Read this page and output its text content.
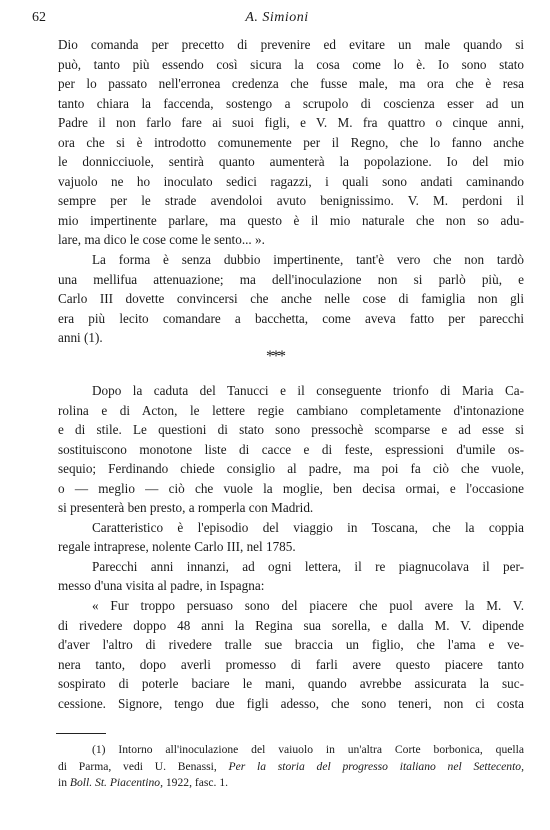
62	A. Simioni
Dio comanda per precetto di prevenire ed evitare un male quando si
può, tanto più essendo così sicura la cosa come lo è. Io sono stato
per lo passato nell'erronea credenza che fusse male, ma ora che è resa
tanto chiara la faccenda, sostengo a scrupolo di coscienza esser ad un
Padre il non farlo fare ai suoi figli, e V. M. fra quattro o cinque anni,
ora che si è introdotto comunemente per il Regno, che lo fanno anche
le donnicciuole, sentirà quanto aumenterà la popolazione. Io del mio
vajuolo ne ho inoculato sedici ragazzi, i quali sono andati caminando
sempre per le strade avendoloi avuto benignissimo. V. M. perdoni il
mio impertinente parlare, ma questo è il mio naturale che non so adu-
lare, ma dico le cose come le sento... ».
La forma è senza dubbio impertinente, tant'è vero che non tardò
una mellifua attenuazione; ma dell'inoculazione non si parlò più, e
Carlo III dovette convincersi che anche nelle cose di famiglia non gli
era più lecito comandare a bacchetta, come aveva fatto per parecchi
anni (1).
***
Dopo la caduta del Tanucci e il conseguente trionfo di Maria Ca-
rolina e di Acton, le lettere regie cambiano completamente d'intonazione
e di stile. Le questioni di stato sono pressochè scomparse e ad esse si
sostituiscono monotone liste di cacce e di feste, espressioni d'umile os-
sequio; Ferdinando chiede consiglio al padre, ma poi fa ciò che vuole,
o — meglio — ciò che vuole la moglie, ben decisa ormai, e l'occasione
si presenterà ben presto, a romperla con Madrid.
Caratteristico è l'episodio del viaggio in Toscana, che la coppia
regale intraprese, nolente Carlo III, nel 1785.
Parecchi anni innanzi, ad ogni lettera, il re piagnucolava il per-
messo d'una visita al padre, in Ispagna:
« Fur troppo persuaso sono del piacere che puol avere la M. V.
di rivedere doppo 48 anni la Regina sua sorella, e dalla M. V. dipende
d'aver l'altro di rivedere tralle sue braccia un figlio, che l'ama e ve-
nera tanto, dopo averli promesso di farli avere questo piacere tanto
sospirato di poterle baciare le mani, quando avrebbe assicurata la suc-
cessione. Signore, tengo due figli adesso, che sono teneri, non ci costa
(1) Intorno all'inoculazione del vaiuolo in un'altra Corte borbonica, quella
di Parma, vedi U. Benassi, Per la storia del progresso italiano nel Settecento,
in Boll. St. Piacentino, 1922, fasc. 1.
